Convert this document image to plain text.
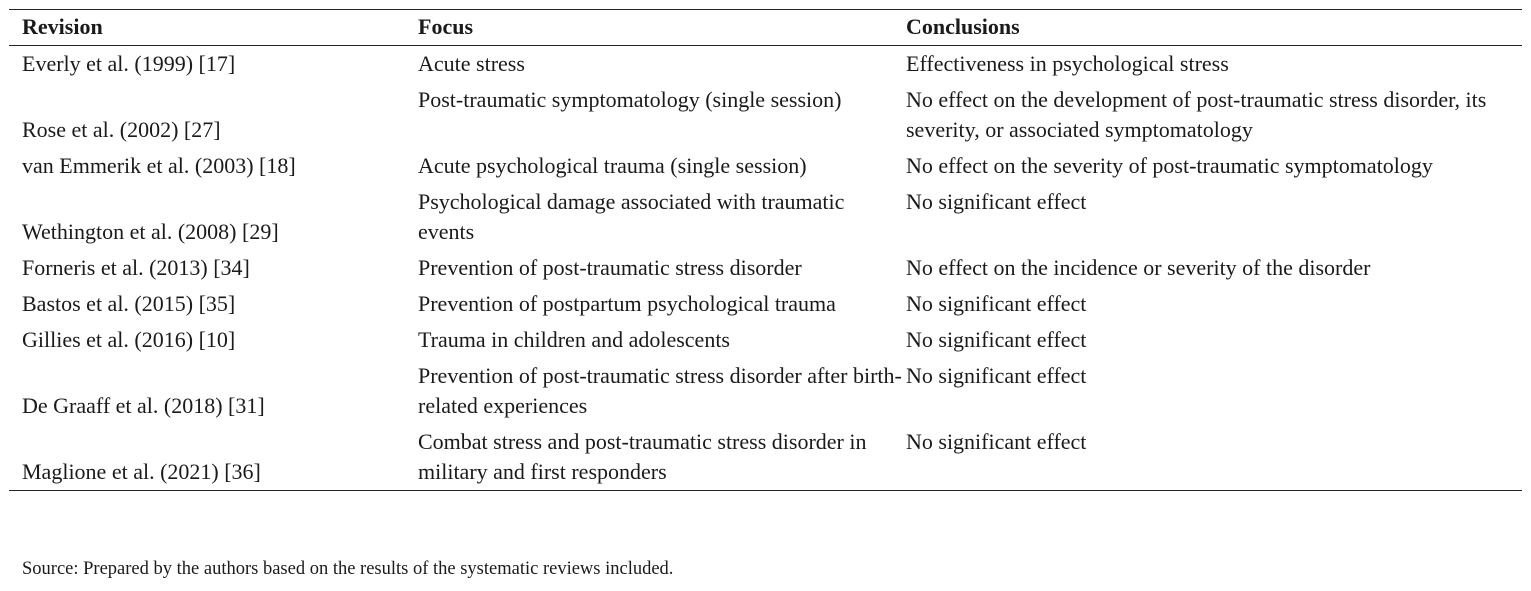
Revision	Focus	Conclusions
Everly et al. (1999) [17]	Acute stress	Effectiveness in psychological stress
Rose et al. (2002) [27]	Post-traumatic symptomatology (single session)	No effect on the development of post-traumatic stress disorder, its severity, or associated symptomatology
van Emmerik et al. (2003) [18]	Acute psychological trauma (single session)	No effect on the severity of post-traumatic symptomatology
Wethington et al. (2008) [29]	Psychological damage associated with traumatic events	No significant effect
Forneris et al. (2013) [34]	Prevention of post-traumatic stress disorder	No effect on the incidence or severity of the disorder
Bastos et al. (2015) [35]	Prevention of postpartum psychological trauma	No significant effect
Gillies et al. (2016) [10]	Trauma in children and adolescents	No significant effect
De Graaff et al. (2018) [31]	Prevention of post-traumatic stress disorder after birth-related experiences	No significant effect
Maglione et al. (2021) [36]	Combat stress and post-traumatic stress disorder in military and first responders	No significant effect
Source: Prepared by the authors based on the results of the systematic reviews included.
